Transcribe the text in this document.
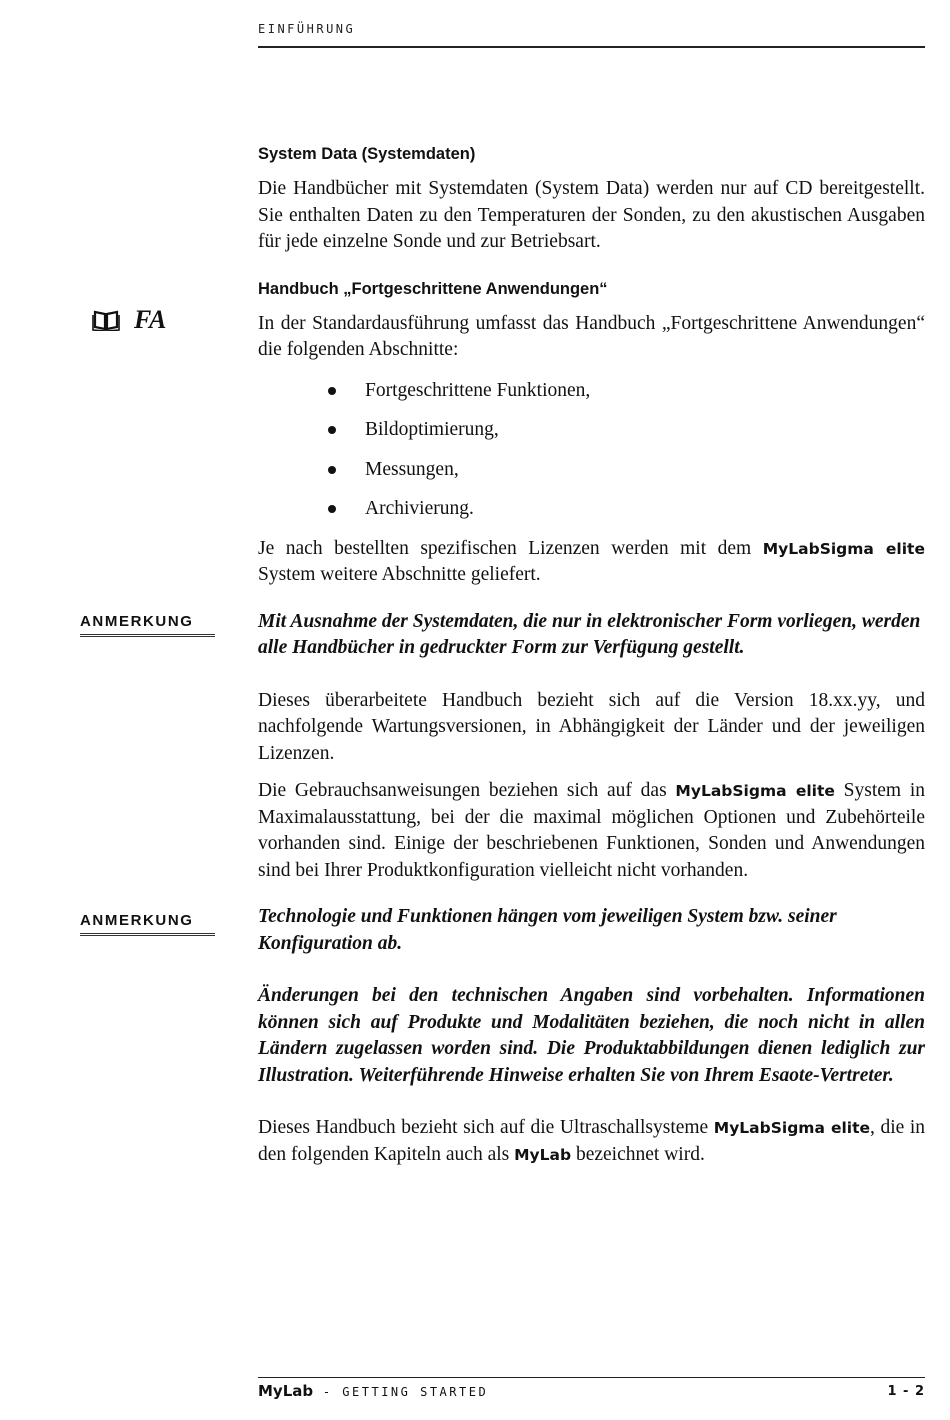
EINFÜHRUNG
FA
ANMERKUNG
ANMERKUNG
System Data (Systemdaten)

Die Handbücher mit Systemdaten (System Data) werden nur auf CD bereitgestellt. Sie enthalten Daten zu den Temperaturen der Sonden, zu den akustischen Ausgaben für jede einzelne Sonde und zur Betriebsart.

Handbuch „Fortgeschrittene Anwendungen“

In der Standardausführung umfasst das Handbuch „Fortgeschrittene Anwendungen“ die folgenden Abschnitte:

Fortgeschrittene Funktionen,
Bildoptimierung,
Messungen,
Archivierung.

Je nach bestellten spezifischen Lizenzen werden mit dem MyLabSigma elite System weitere Abschnitte geliefert.

Mit Ausnahme der Systemdaten, die nur in elektronischer Form vorliegen, werden alle Handbücher in gedruckter Form zur Verfügung gestellt.

Dieses überarbeitete Handbuch bezieht sich auf die Version 18.xx.yy, und nachfolgende Wartungsversionen, in Abhängigkeit der Länder und der jeweiligen Lizenzen.

Die Gebrauchsanweisungen beziehen sich auf das MyLabSigma elite System in Maximalausstattung, bei der die maximal möglichen Optionen und Zubehörteile vorhanden sind. Einige der beschriebenen Funktionen, Sonden und Anwendungen sind bei Ihrer Produktkonfiguration vielleicht nicht vorhanden.

Technologie und Funktionen hängen vom jeweiligen System bzw. seiner Konfiguration ab.

Änderungen bei den technischen Angaben sind vorbehalten. Informationen können sich auf Produkte und Modalitäten beziehen, die noch nicht in allen Ländern zugelassen worden sind. Die Produktabbildungen dienen lediglich zur Illustration. Weiterführende Hinweise erhalten Sie von Ihrem Esaote-Vertreter.

Dieses Handbuch bezieht sich auf die Ultraschallsysteme MyLabSigma elite, die in den folgenden Kapiteln auch als MyLab bezeichnet wird.

MyLab - GETTING STARTED	1 - 2
